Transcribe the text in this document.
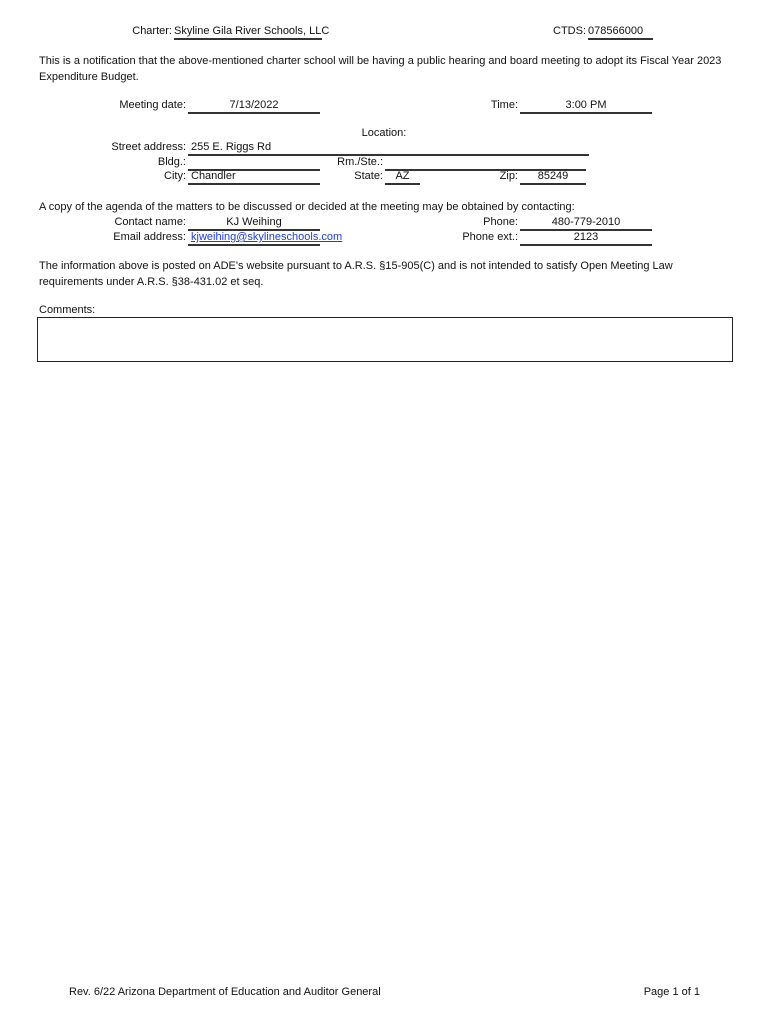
Charter: Skyline Gila River Schools, LLC	CTDS: 078566000
This is a notification that the above-mentioned charter school will be having a public hearing and board meeting to adopt its Fiscal Year 2023 Expenditure Budget.
Meeting date:	7/13/2022	Time:	3:00 PM
Location:
Street address: 255 E. Riggs Rd
Bldg.:	Rm./Ste.:
City: Chandler	State:	AZ	Zip:	85249
A copy of the agenda of the matters to be discussed or decided at the meeting may be obtained by contacting:
Contact name:	KJ Weihing	Phone:	480-779-2010
Email address: kjweihing@skylineschools.com	Phone ext.:	2123
The information above is posted on ADE's website pursuant to A.R.S. §15-905(C) and is not intended to satisfy Open Meeting Law requirements under A.R.S. §38-431.02 et seq.
Comments:
Rev. 6/22 Arizona Department of Education and Auditor General	Page 1 of 1
